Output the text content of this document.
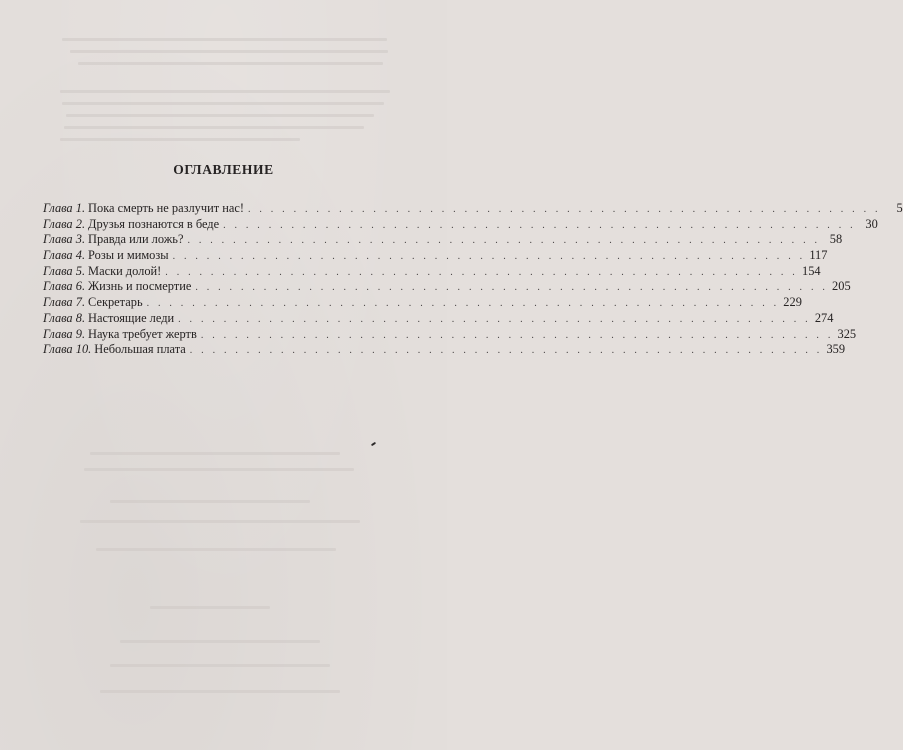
ОГЛАВЛЕНИЕ
Глава
1. Пока смерть не разлучит нас! . . . . . . . . . . . . . . . . . . . . . . . . . . . . . . . . . . . . . . . . . . . . . . . . . . . . . . . .	5
Глава
2. Друзья познаются в беде . . . . . . . . . . . . . . . . . . . . . . . . . . . . . . . . . . . . . . . . . . . . . . . . . . . . . . . . 30
Глава
3. Правда или ложь? . . . . . . . . . . . . . . . . . . . . . . . . . . . . . . . . . . . . . . . . . . . . . . . . . . . . . . . . 58
Глава
4. Розы и мимозы . . . . . . . . . . . . . . . . . . . . . . . . . . . . . . . . . . . . . . . . . . . . . . . . . . . . . . . . 117
Глава
5. Маски долой! . . . . . . . . . . . . . . . . . . . . . . . . . . . . . . . . . . . . . . . . . . . . . . . . . . . . . . . . 154
Глава
6. Жизнь и посмертие . . . . . . . . . . . . . . . . . . . . . . . . . . . . . . . . . . . . . . . . . . . . . . . . . . . . . . . . 205
Глава
7. Секретарь . . . . . . . . . . . . . . . . . . . . . . . . . . . . . . . . . . . . . . . . . . . . . . . . . . . . . . . . 229
Глава
8. Настоящие леди . . . . . . . . . . . . . . . . . . . . . . . . . . . . . . . . . . . . . . . . . . . . . . . . . . . . . . . . 274
Глава
9. Наука требует жертв . . . . . . . . . . . . . . . . . . . . . . . . . . . . . . . . . . . . . . . . . . . . . . . . . . . . . . . . 325
Глава
10. Небольшая плата . . . . . . . . . . . . . . . . . . . . . . . . . . . . . . . . . . . . . . . . . . . . . . . . . . . . . . . . 359
